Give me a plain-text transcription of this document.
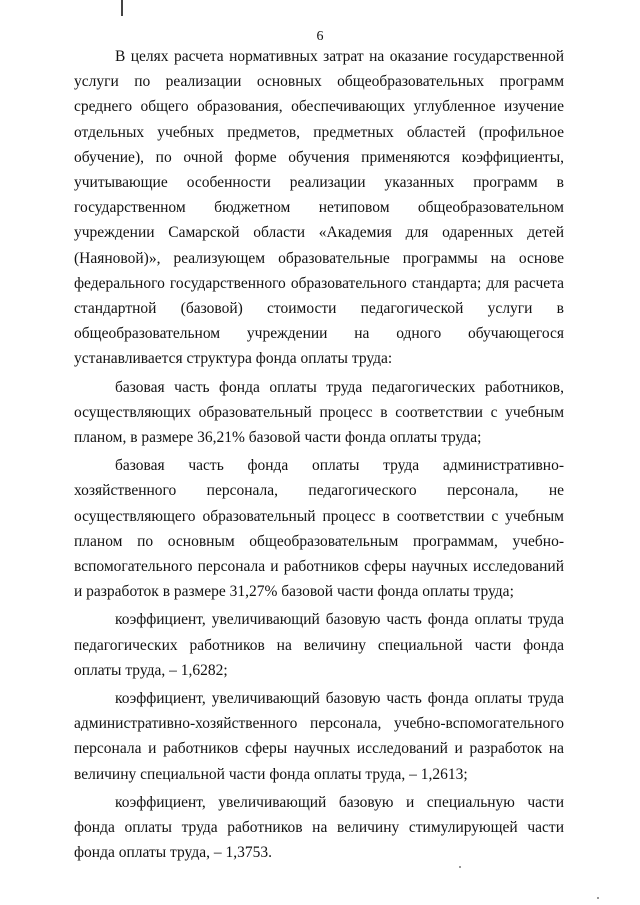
6

В целях расчета нормативных затрат на оказание государственной услуги по реализации основных общеобразовательных программ среднего общего образования, обеспечивающих углубленное изучение отдельных учебных предметов, предметных областей (профильное обучение), по очной форме обучения применяются коэффициенты, учитывающие особенности реализации указанных программ в государственном бюджетном нетиповом общеобразовательном учреждении Самарской области «Академия для одаренных детей (Наяновой)», реализующем образовательные программы на основе федерального государственного образовательного стандарта; для расчета стандартной (базовой) стоимости педагогической услуги в общеобразовательном учреждении на одного обучающегося устанавливается структура фонда оплаты труда:

базовая часть фонда оплаты труда педагогических работников, осуществляющих образовательный процесс в соответствии с учебным планом, в размере 36,21% базовой части фонда оплаты труда;

базовая часть фонда оплаты труда административно-хозяйственного персонала, педагогического персонала, не осуществляющего образовательный процесс в соответствии с учебным планом по основным общеобразовательным программам, учебно-вспомогательного персонала и работников сферы научных исследований и разработок в размере 31,27% базовой части фонда оплаты труда;

коэффициент, увеличивающий базовую часть фонда оплаты труда педагогических работников на величину специальной части фонда оплаты труда, – 1,6282;

коэффициент, увеличивающий базовую часть фонда оплаты труда административно-хозяйственного персонала, учебно-вспомогательного персонала и работников сферы научных исследований и разработок на величину специальной части фонда оплаты труда, – 1,2613;

коэффициент, увеличивающий базовую и специальную части фонда оплаты труда работников на величину стимулирующей части фонда оплаты труда, – 1,3753.
